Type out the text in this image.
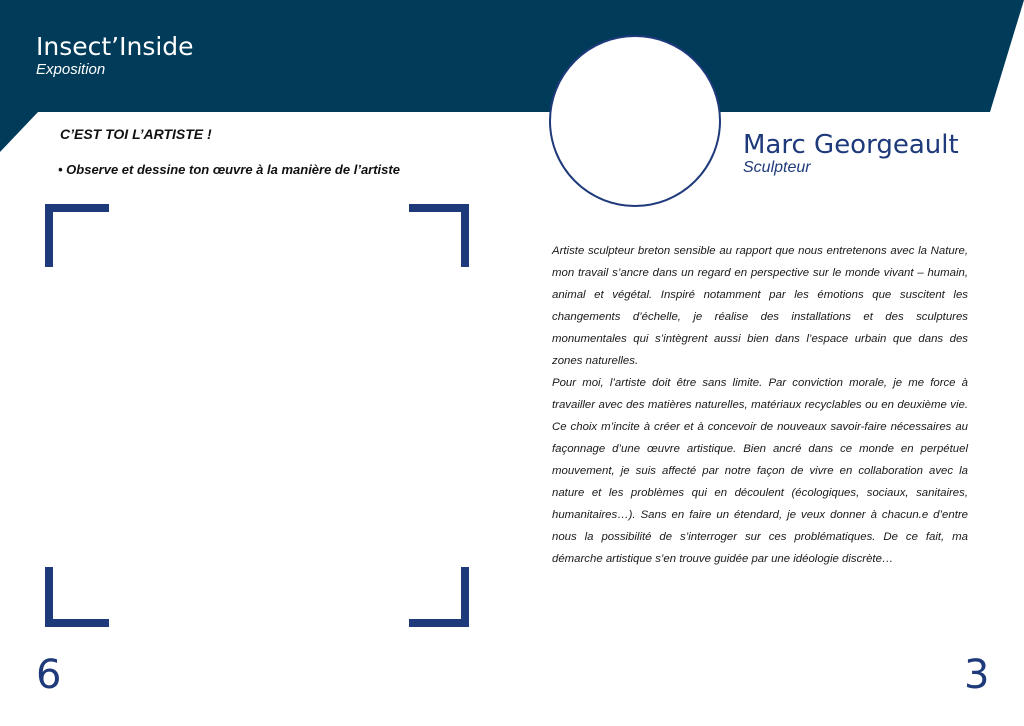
Insect’Inside
Exposition
C’EST TOI L’ARTISTE !
• Observe et dessine ton œuvre à la manière de l’artiste
Marc Georgeault
Sculpteur

Artiste sculpteur breton sensible au rapport que nous entretenons avec la Nature, mon travail s’ancre dans un regard en perspective sur le monde vivant – humain, animal et végétal. Inspiré notamment par les émotions que suscitent les changements d’échelle, je réalise des installations et des sculptures monumentales qui s’intègrent aussi bien dans l’espace urbain que dans des zones naturelles.

Pour moi, l’artiste doit être sans limite. Par conviction morale, je me force à travailler avec des matières naturelles, matériaux recyclables ou en deuxième vie. Ce choix m’incite à créer et à concevoir de nouveaux savoir-faire nécessaires au façonnage d’une œuvre artistique. Bien ancré dans ce monde en perpétuel mouvement, je suis affecté par notre façon de vivre en collaboration avec la nature et les problèmes qui en découlent (écologiques, sociaux, sanitaires, humanitaires…). Sans en faire un étendard, je veux donner à chacun.e d’entre nous la possibilité de s’interroger sur ces problématiques. De ce fait, ma démarche artistique s’en trouve guidée par une idéologie discrète…

6	3
